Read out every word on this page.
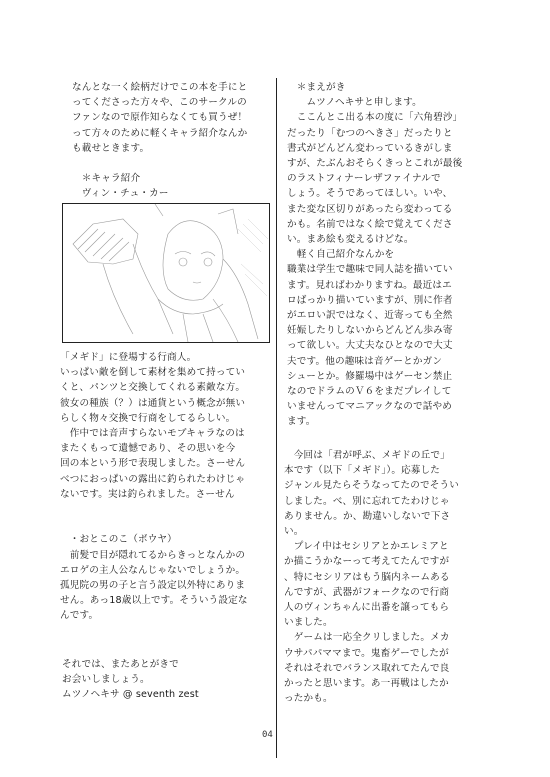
なんとな一く絵柄だけでこの本を手にと

ってくださった方々や、このサークルの

ファンなので原作知らなくても買うぜ！

って方々のために軽くキャラ紹介なんか

も載せときます。

　＊キャラ紹介

　ヴィン・チュ・カー

「メギド」に登場する行商人。

いっぱい敵を倒して素材を集めて持ってい

くと、パンツと交換してくれる素敵な方。

彼女の種族（？）は通貨という概念が無い

らしく物々交換で行商をしてるらしい。

　作中では音声すらないモブキャラなのは

またくもって遺憾であり、その思いを今

回の本という形で表現しました。さーせん

べつにおっぱいの露出に釣られたわけじゃ

ないです。実は釣られました。さーせん

　・おとこのこ（ボウヤ）

　前髪で目が隠れてるからきっとなんかの

エロゲの主人公なんじゃないでしょうか。

孤児院の男の子と言う設定以外特にありま

せん。あっ18歳以上です。そういう設定な

んです。

それでは、またあとがきで

お会いしましょう。

ムツノヘキサ @ seventh zest

　＊まえがき

　　ムツノヘキサと申します。

　ここんとこ出る本の度に「六角碧沙」

だったり「むつのへきさ」だったりと

書式がどんどん変わっているきがしま

すが、たぶんおそらくきっとこれが最後

のラストフィナーレザファイナルで

しょう。そうであってほしい。いや、

また変な区切りがあったら変わってる

かも。名前ではなく絵で覚えてくださ

い。まあ絵も変えるけどな。

　軽く自己紹介なんかを

職業は学生で趣味で同人誌を描いてい

ます。見ればわかりますね。最近はエ

ロばっかり描いていますが、別に作者

がエロい訳ではなく、近寄っても全然

妊娠したりしないからどんどん歩み寄

って欲しい。大丈夫なひとなので大丈

夫です。他の趣味は音ゲーとかガン

シューとか。修羅場中はゲーセン禁止

なのでドラムのＶ６をまだプレイして

いませんってマニアックなので話やめ

ます。

　今回は「君が呼ぶ、メギドの丘で」

本です（以下「メギド」）。応募した

ジャンル見たらそうなってたのでそうい

しました。べ、別に忘れてたわけじゃ

ありません。か、勘違いしないで下さ

い。

　プレイ中はセシリアとかエレミアと

か描こうかなーって考えてたんですが

、特にセシリアはもう脳内ネームある

んですが、武器がフォークなので行商

人のヴィンちゃんに出番を譲ってもら

いました。

　ゲームは一応全クリしました。メカ

ウサパパママまで。鬼畜ゲーでしたが

それはそれでバランス取れてたんで良

かったと思います。あ一再戦はしたか

ったかも。

04
